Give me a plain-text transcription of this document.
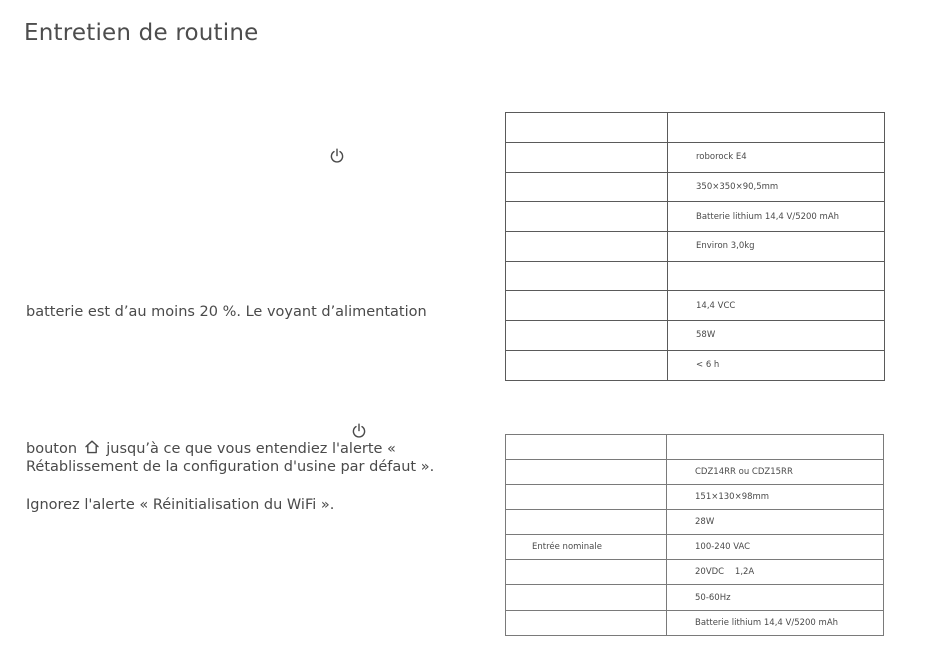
Entretien de routine
batterie est d’au moins 20 %. Le voyant d’alimentation
bouton jusqu’à ce que vous entendiez l'alerte «
Rétablissement de la configuration d'usine par défaut ».
Ignorez l'alerte « Réinitialisation du WiFi ».

	roborock E4
	350×350×90,5mm
	Batterie lithium 14,4 V/5200 mAh
	Environ 3,0kg

	14,4 VCC
	58W
	< 6 h

	CDZ14RR ou CDZ15RR
	151×130×98mm
	28W
Entrée nominale	100-240 VAC
	20VDC    1,2A
	50-60Hz
	Batterie lithium 14,4 V/5200 mAh
